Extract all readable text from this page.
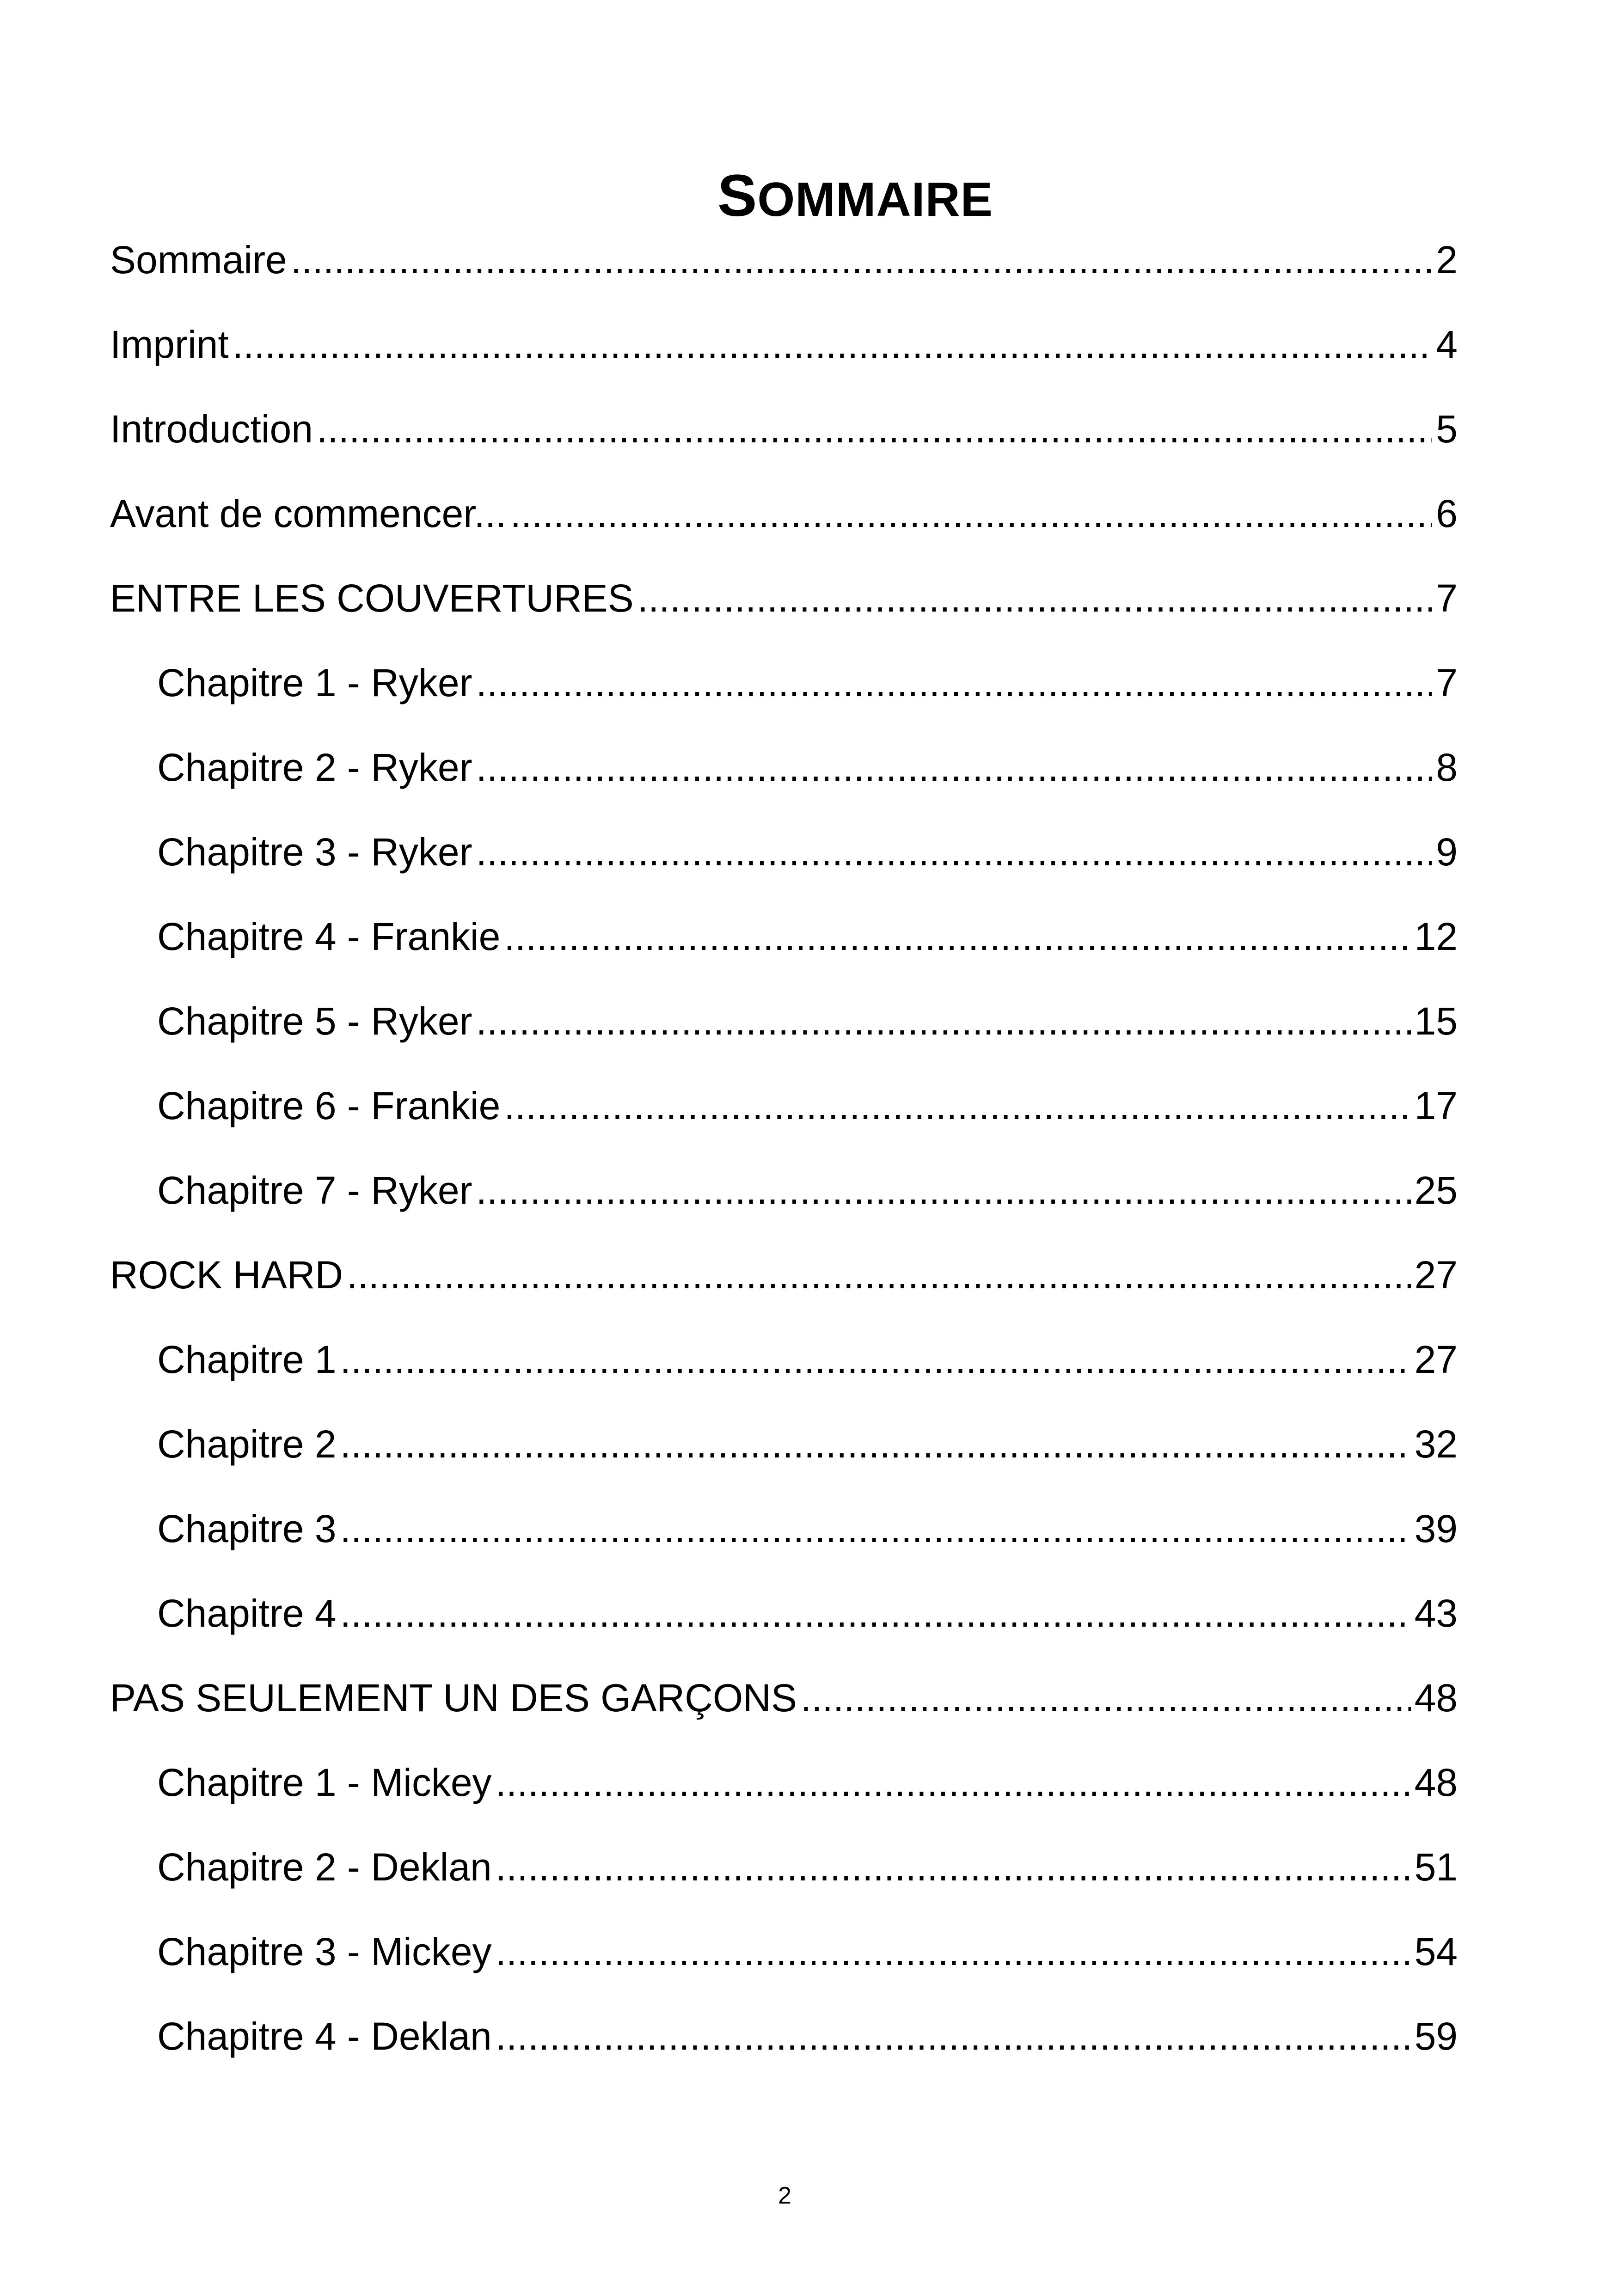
SOMMAIRE
Sommaire .....	2
Imprint .....	4
Introduction .....	5
Avant de commencer... .....	6
ENTRE LES COUVERTURES .....	7
Chapitre 1 - Ryker .....	7
Chapitre 2 - Ryker .....	8
Chapitre 3 - Ryker .....	9
Chapitre 4 - Frankie .....	12
Chapitre 5 - Ryker .....	15
Chapitre 6 - Frankie .....	17
Chapitre 7 - Ryker .....	25
ROCK HARD .....	27
Chapitre 1 .....	27
Chapitre 2 .....	32
Chapitre 3 .....	39
Chapitre 4 .....	43
PAS SEULEMENT UN DES GARÇONS .....	48
Chapitre 1 - Mickey .....	48
Chapitre 2 - Deklan .....	51
Chapitre 3 - Mickey .....	54
Chapitre 4 - Deklan .....	59
2
